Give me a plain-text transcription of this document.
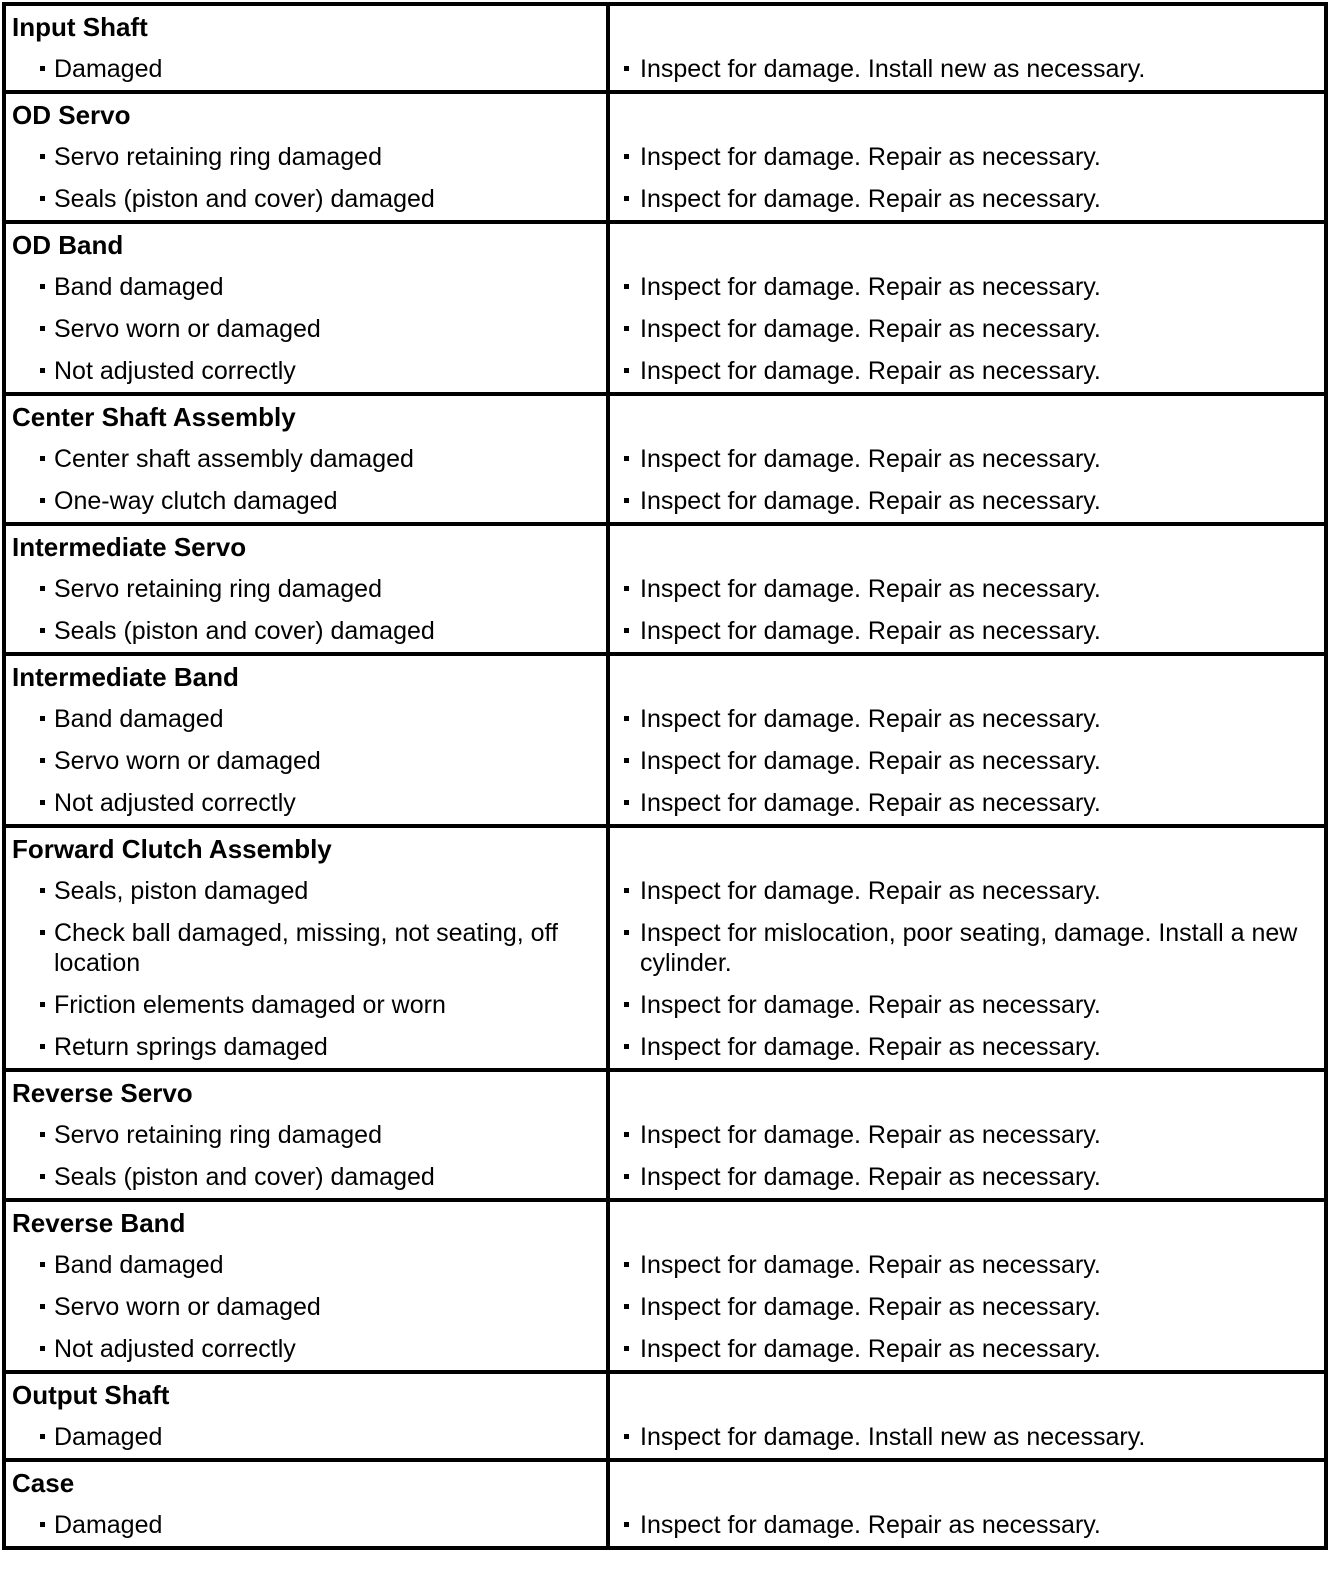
Input Shaft	

Damaged	Inspect for damage. Install new as necessary.

OD Servo	

Servo retaining ring damaged	Inspect for damage. Repair as necessary.

Seals (piston and cover) damaged	Inspect for damage. Repair as necessary.

OD Band	

Band damaged	Inspect for damage. Repair as necessary.

Servo worn or damaged	Inspect for damage. Repair as necessary.

Not adjusted correctly	Inspect for damage. Repair as necessary.

Center Shaft Assembly	

Center shaft assembly damaged	Inspect for damage. Repair as necessary.

One-way clutch damaged	Inspect for damage. Repair as necessary.

Intermediate Servo	

Servo retaining ring damaged	Inspect for damage. Repair as necessary.

Seals (piston and cover) damaged	Inspect for damage. Repair as necessary.

Intermediate Band	

Band damaged	Inspect for damage. Repair as necessary.

Servo worn or damaged	Inspect for damage. Repair as necessary.

Not adjusted correctly	Inspect for damage. Repair as necessary.

Forward Clutch Assembly	

Seals, piston damaged	Inspect for damage. Repair as necessary.

Check ball damaged, missing, not seating, off location	Inspect for mislocation, poor seating, damage. Install a new cylinder.

Friction elements damaged or worn	Inspect for damage. Repair as necessary.

Return springs damaged	Inspect for damage. Repair as necessary.

Reverse Servo	

Servo retaining ring damaged	Inspect for damage. Repair as necessary.

Seals (piston and cover) damaged	Inspect for damage. Repair as necessary.

Reverse Band	

Band damaged	Inspect for damage. Repair as necessary.

Servo worn or damaged	Inspect for damage. Repair as necessary.

Not adjusted correctly	Inspect for damage. Repair as necessary.

Output Shaft	

Damaged	Inspect for damage. Install new as necessary.

Case	

Damaged	Inspect for damage. Repair as necessary.
